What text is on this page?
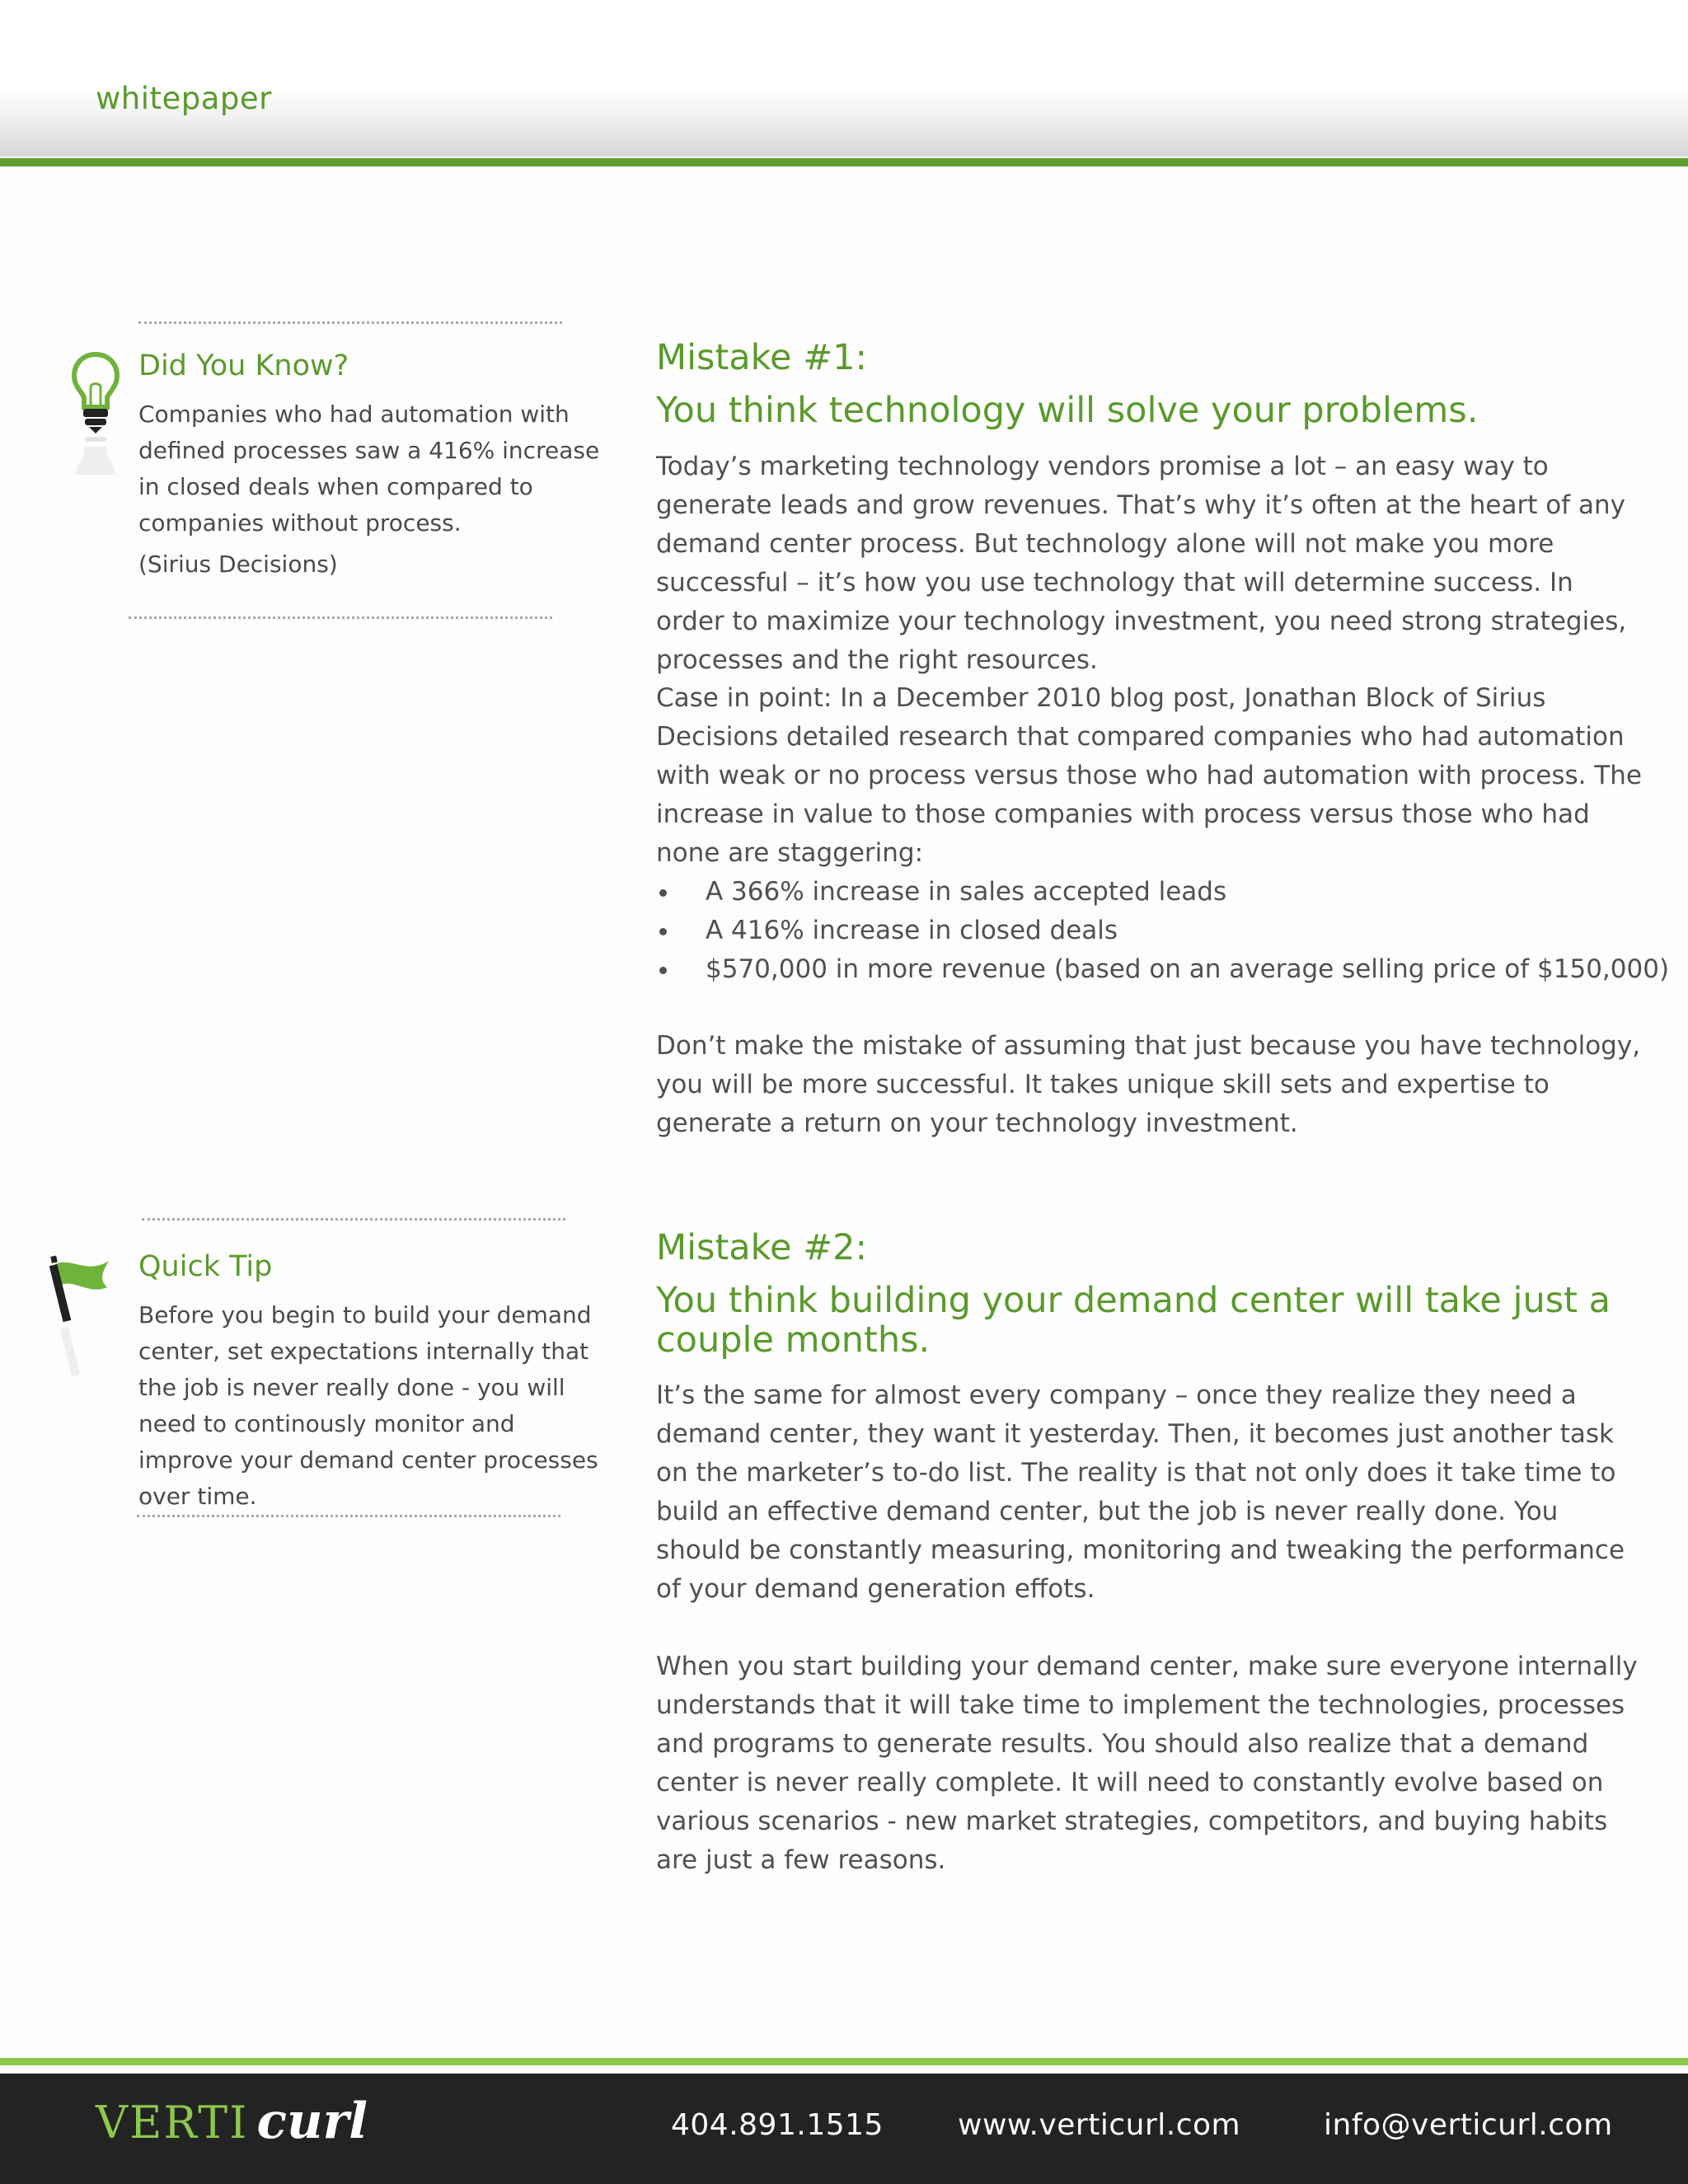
whitepaper
Did You Know?
Companies who had automation with defined processes saw a 416% increase in closed deals when compared to companies without process.
(Sirius Decisions)
Quick Tip
Before you begin to build your demand center, set expectations internally that the job is never really done - you will need to continously monitor and improve your demand center processes over time.
Mistake #1:
You think technology will solve your problems.

Today’s marketing technology vendors promise a lot – an easy way to generate leads and grow revenues. That’s why it’s often at the heart of any demand center process. But technology alone will not make you more successful – it’s how you use technology that will determine success. In order to maximize your technology investment, you need strong strategies, processes and the right resources.

Case in point: In a December 2010 blog post, Jonathan Block of Sirius Decisions detailed research that compared companies who had automation with weak or no process versus those who had automation with process. The increase in value to those companies with process versus those who had none are staggering:

A 366% increase in sales accepted leads
A 416% increase in closed deals
$570,000 in more revenue (based on an average selling price of $150,000)

Don’t make the mistake of assuming that just because you have technology, you will be more successful. It takes unique skill sets and expertise to generate a return on your technology investment.

Mistake #2:
You think building your demand center will take just a couple months.

It’s the same for almost every company – once they realize they need a demand center, they want it yesterday. Then, it becomes just another task on the marketer’s to-do list. The reality is that not only does it take time to build an effective demand center, but the job is never really done. You should be constantly measuring, monitoring and tweaking the performance of your demand generation effots.

When you start building your demand center, make sure everyone internally understands that it will take time to implement the technologies, processes and programs to generate results. You should also realize that a demand center is never really complete. It will need to constantly evolve based on various scenarios - new market strategies, competitors, and buying habits are just a few reasons.

VERTI curl	404.891.1515	www.verticurl.com	info@verticurl.com
